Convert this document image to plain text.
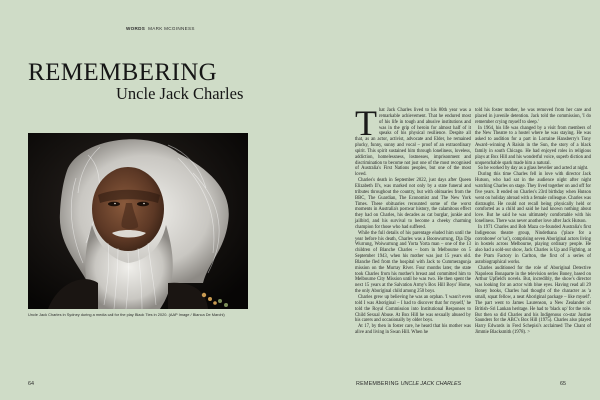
WORDS MARK MCGINNESS
REMEMBERING
Uncle Jack Charles
Uncle Jack Charles in Sydney during a media call for the play Black Ties in 2020. (AAP Image / Bianca De Marchi)
64

That Jack Charles lived to his 80th year was a remarkable achievement. That he endured most of his life in tough and abusive institutions and was in the grip of heroin for almost half of it speaks of his physical resilience. Despite all that, as an actor, activist, advocate and Elder, he remained plucky, funny, sunny and vocal – proof of an extraordinary spirit. This spirit sustained him through loneliness, loveless, addiction, homelessness, lostnesses, imprisonment and discrimination to become not just one of the most recognised of Australia's First Nations peoples, but one of the most loved.

Charles's death in September 2022, just days after Queen Elizabeth II's, was marked not only by a state funeral and tributes throughout the country, but with obituaries from the BBC, The Guardian, The Economist and The New York Times. These obituaries recounted some of the worst moments in Australia's postwar history, the calamitous effect they had on Charles, his decades as cat burglar, junkie and jailbird, and his survival to become a cheeky charming champion for those who had suffered.

While the full details of his parentage eluded him until the year before his death, Charles was a Boonwurrung, Dja Dja Wurrung, Woiwurrung and Yorta Yorta man – one of the 13 children of Blanche Charles – born in Melbourne on 5 September 1943, when his mother was just 15 years old. Blanche fled from the hospital with Jack to Cummeragunja mission on the Murray River. Four months later, the state took Charles from his mother's breast and committed him to Melbourne City Mission until he was two. He then spent the next 15 years at the Salvation Army's Box Hill Boys' Home, the only Aboriginal child among 250 boys.

Charles grew up believing he was an orphan. 'I wasn't even told I was Aboriginal – I had to discover that for myself,' he told the Royal Commission into Institutional Responses to Child Sexual Abuse. At Box Hill he was sexually abused by his carers and occasionally by older boys.

At 17, by then in foster care, he heard that his mother was alive and living in Swan Hill. When he

told his foster mother, he was removed from her care and placed in juvenile detention. Jack told the commission, 'I do remember crying myself to sleep.'

In 1964, his life was changed by a visit from members of the New Theatre to a hostel where he was staying. He was asked to audition for a part in Lorraine Hansberry's Tony Award–winning A Raisin in the Sun, the story of a black family in south Chicago. He had enjoyed roles in religious plays at Box Hill and his wonderful voice, superb diction and unquenchable spark made him a natural.

So he worked by day as a glass bevelier and acted at night.

During this time Charles fell in love with director Jack Hutson, who had sat in the audience night after night watching Charles on stage. They lived together on and off for five years. It ended on Charles's 23rd birthday when Hutson went on holiday abroad with a female colleague. Charles was distraught. He could not recall being physically held or comforted as a child and said he had known nothing about love. But he said he was ultimately comfortable with his loneliness. There was never another love after Jack Hutson.

In 1971 Charles and Bob Maza co-founded Australia's first Indigenous theatre group, Nindethana ('place for a corroboree' or 'us'), comprising seven Aboriginal actors living in hostels across Melbourne, playing ordinary people. He also had a sold-out show, Jack Charles is Up and Fighting, at the Pram Factory in Carlton, the first of a series of autobiographical works.

Charles auditioned for the role of Aboriginal Detective Napoleon Bonaparte in the television series Boney, based on Arthur Upfield's novels. But, incredibly, the show's director was looking for an actor with blue eyes. Having read all 29 Boney books, Charles had thought of the character as 'a small, squat fellow, a neat Aboriginal package – like myself'. The part went to James Laurenson, a New Zealander of British–Sri Lankan heritage. He had to 'black up' for the role. But then so did Charles and his Indigenous co-star Justine Saunders for the ABC's Box Hill (1975). Charles also played Harry Edwards in Fred Schepisi's acclaimed The Chant of Jimmie Blacksmith (1978). >

REMEMBERING UNCLE JACK CHARLES	65
